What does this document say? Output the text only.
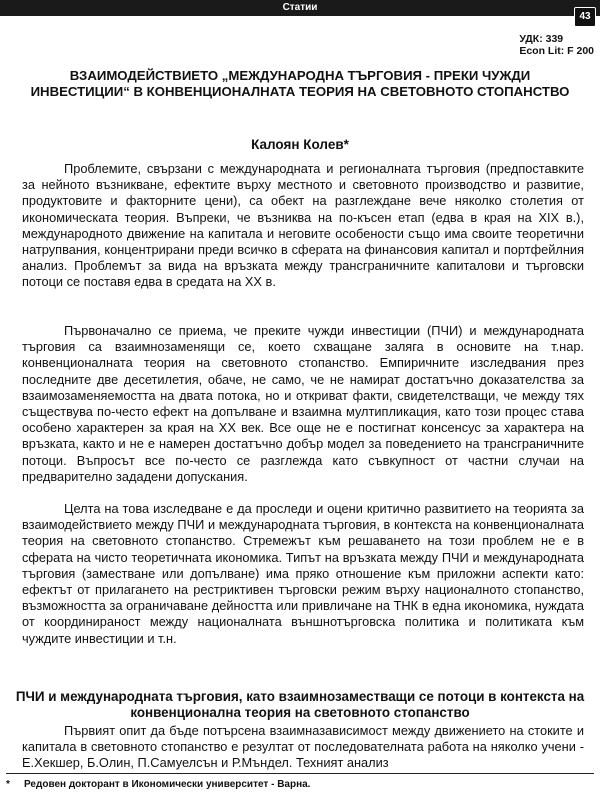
Статии
43
УДК: 339
Econ Lit: F 200
ВЗАИМОДЕЙСТВИЕТО „МЕЖДУНАРОДНА ТЪРГОВИЯ - ПРЕКИ ЧУЖДИ ИНВЕСТИЦИИ“ В КОНВЕНЦИОНАЛНАТА ТЕОРИЯ НА СВЕТОВНОТО СТОПАНСТВО
Калоян Колев*

Проблемите, свързани с международната и регионалната търговия (предпоставките за нейното възникване, ефектите върху местното и световното производство и развитие, продуктовите и факторните цени), са обект на разглеждане вече няколко столетия от икономическата теория. Въпреки, че възниква на по-късен етап (едва в края на XIX в.), международното движение на капитала и неговите особености също има своите теоретични натрупвания, концентрирани преди всичко в сферата на финансовия капитал и портфейлния анализ. Проблемът за вида на връзката между трансграничните капиталови и търговски потоци се поставя едва в средата на XX в.

Първоначално се приема, че преките чужди инвестиции (ПЧИ) и международната търговия са взаимнозаменящи се, което схващане заляга в основите на т.нар. конвенционалната теория на световното стопанство. Емпиричните изследвания през последните две десетилетия, обаче, не само, че не намират достатъчно доказателства за взаимозаменяемостта на двата потока, но и откриват факти, свидетелстващи, че между тях съществува по-често ефект на допълване и взаимна мултипликация, като този процес става особено характерен за края на XX век. Все още не е постигнат консенсус за характера на връзката, както и не е намерен достатъчно добър модел за поведението на трансграничните потоци. Въпросът все по-често се разглежда като съвкупност от частни случаи на предварително зададени допускания.

Целта на това изследване е да проследи и оцени критично развитието на теорията за взаимодействието между ПЧИ и международната търговия, в контекста на конвенционалната теория на световното стопанство. Стремежът към решаването на този проблем не е в сферата на чисто теоретичната икономика. Типът на връзката между ПЧИ и международната търговия (заместване или допълване) има пряко отношение към приложни аспекти като: ефектът от прилагането на рестриктивен търговски режим върху националното стопанство, възможността за ограничаване дейността или привличане на ТНК в една икономика, нуждата от координираност между националната външнотърговска политика и политиката към чуждите инвестиции и т.н.

ПЧИ и международната търговия, като взаимнозаместващи се потоци в контекста на конвенционална теория на световното стопанство

Първият опит да бъде потърсена взаимназависимост между движението на стоките и капитала в световното стопанство е резултат от последователната работа на няколко учени - Е.Хекшер, Б.Олин, П.Самуелсън и Р.Мъндел. Техният анализ

* Редовен докторант в Икономически университет - Варна.
